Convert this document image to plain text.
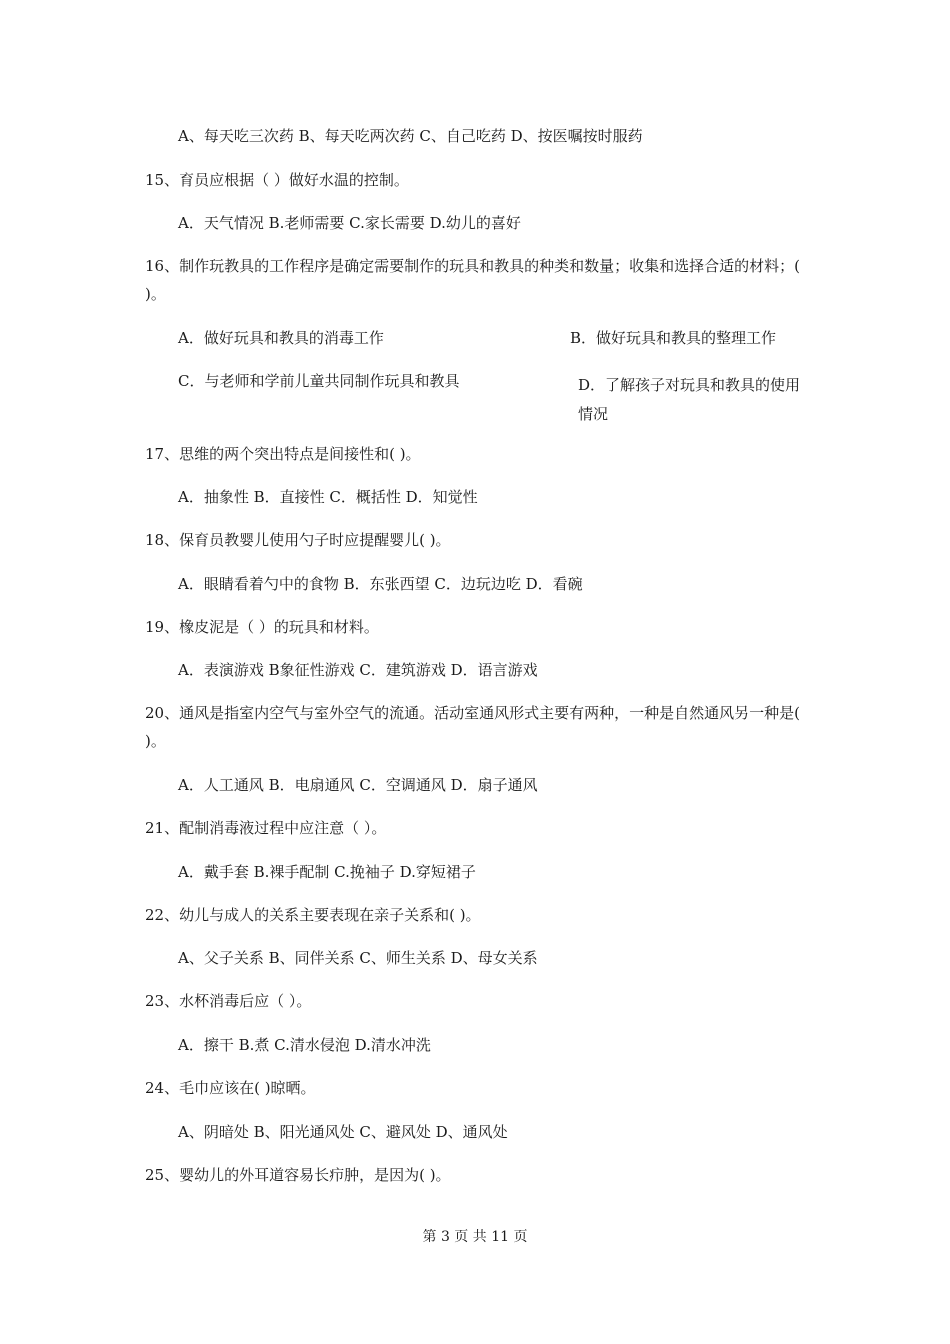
A、每天吃三次药 B、每天吃两次药 C、自己吃药 D、按医嘱按时服药
15、育员应根据（ ）做好水温的控制。
A．天气情况 B.老师需要 C.家长需要 D.幼儿的喜好
16、制作玩教具的工作程序是确定需要制作的玩具和教具的种类和数量；收集和选择合适的材料；( )。
A．做好玩具和教具的消毒工作	B．做好玩具和教具的整理工作
C．与老师和学前儿童共同制作玩具和教具	D．了解孩子对玩具和教具的使用情况
17、思维的两个突出特点是间接性和( )。
A．抽象性 B．直接性 C．概括性 D．知觉性
18、保育员教婴儿使用勺子时应提醒婴儿( )。
A．眼睛看着勺中的食物 B．东张西望 C．边玩边吃 D．看碗
19、橡皮泥是（ ）的玩具和材料。
A．表演游戏 B象征性游戏 C．建筑游戏 D．语言游戏
20、通风是指室内空气与室外空气的流通。活动室通风形式主要有两种，一种是自然通风另一种是( )。
A．人工通风 B．电扇通风 C．空调通风 D．扇子通风
21、配制消毒液过程中应注意（ ）。
A．戴手套 B.裸手配制 C.挽袖子 D.穿短裙子
22、幼儿与成人的关系主要表现在亲子关系和( )。
A、父子关系 B、同伴关系 C、师生关系 D、母女关系
23、水杯消毒后应（ ）。
A．擦干 B.煮 C.清水侵泡 D.清水冲洗
24、毛巾应该在( )晾晒。
A、阴暗处 B、阳光通风处 C、避风处 D、通风处
25、婴幼儿的外耳道容易长疖肿，是因为( )。
第 3 页 共 11 页
